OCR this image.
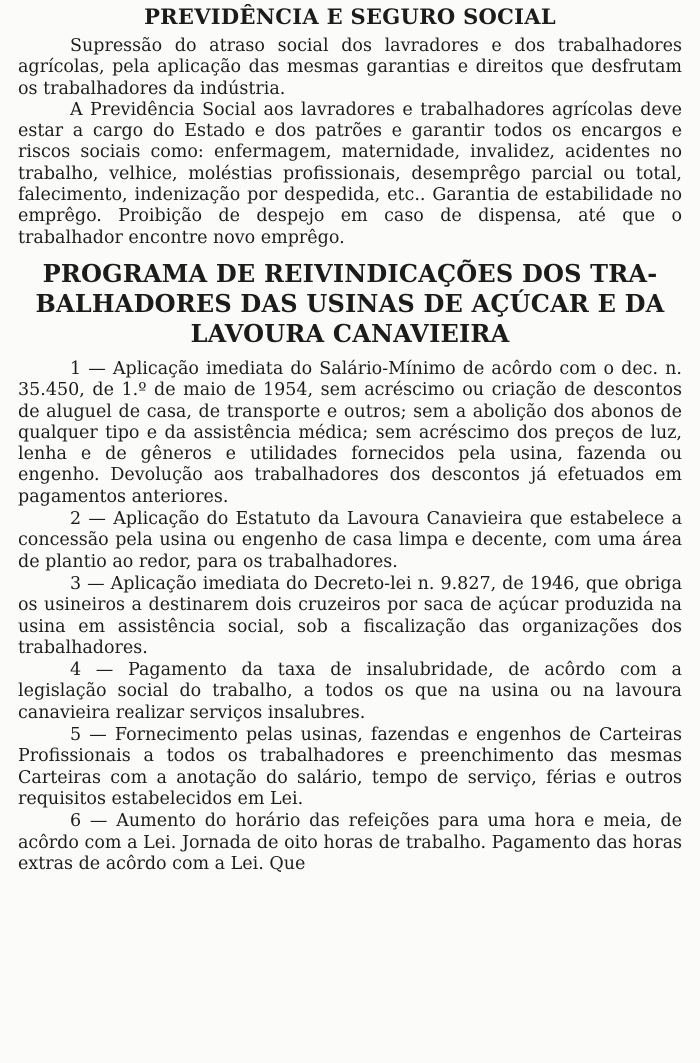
PREVIDÊNCIA E SEGURO SOCIAL

Supressão do atraso social dos lavradores e dos trabalhadores agrícolas, pela aplicação das mesmas garantias e direitos que desfrutam os trabalhadores da indústria.

A Previdência Social aos lavradores e trabalhadores agrícolas deve estar a cargo do Estado e dos patrões e garantir todos os encargos e riscos sociais como: enfermagem, maternidade, invalidez, acidentes no trabalho, velhice, moléstias profissionais, desemprêgo parcial ou total, falecimento, indenização por despedida, etc.. Garantia de estabilidade no emprêgo. Proibição de despejo em caso de dispensa, até que o trabalhador encontre novo emprêgo.

PROGRAMA DE REIVINDICAÇÕES DOS TRA-
BALHADORES DAS USINAS DE AÇÚCAR E DA
LAVOURA CANAVIEIRA

1 — Aplicação imediata do Salário-Mínimo de acôrdo com o dec. n. 35.450, de 1.º de maio de 1954, sem acréscimo ou criação de descontos de aluguel de casa, de transporte e outros; sem a abolição dos abonos de qualquer tipo e da assistência médica; sem acréscimo dos preços de luz, lenha e de gêneros e utilidades fornecidos pela usina, fazenda ou engenho. Devolução aos trabalhadores dos descontos já efetuados em pagamentos anteriores.

2 — Aplicação do Estatuto da Lavoura Canavieira que estabelece a concessão pela usina ou engenho de casa limpa e decente, com uma área de plantio ao redor, para os trabalhadores.

3 — Aplicação imediata do Decreto-lei n. 9.827, de 1946, que obriga os usineiros a destinarem dois cruzeiros por saca de açúcar produzida na usina em assistência social, sob a fiscalização das organizações dos trabalhadores.

4 — Pagamento da taxa de insalubridade, de acôrdo com a legislação social do trabalho, a todos os que na usina ou na lavoura canavieira realizar serviços insalubres.

5 — Fornecimento pelas usinas, fazendas e engenhos de Carteiras Profissionais a todos os trabalhadores e preenchimento das mesmas Carteiras com a anotação do salário, tempo de serviço, férias e outros requisitos estabelecidos em Lei.

6 — Aumento do horário das refeições para uma hora e meia, de acôrdo com a Lei. Jornada de oito horas de trabalho. Pagamento das horas extras de acôrdo com a Lei. Que
